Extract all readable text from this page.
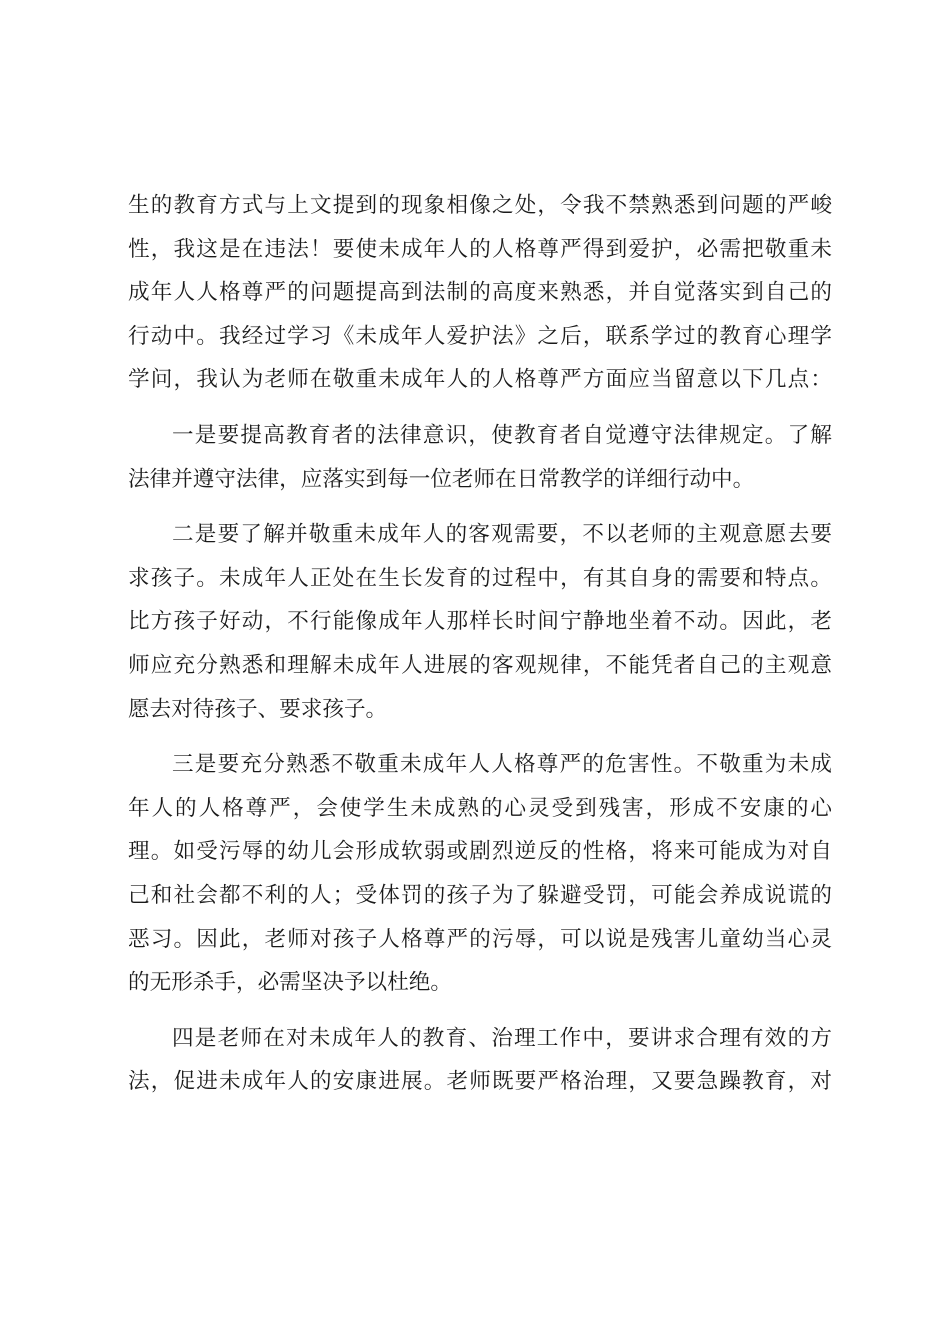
生的教育方式与上文提到的现象相像之处，令我不禁熟悉到问题的严峻
性，我这是在违法！要使未成年人的人格尊严得到爱护，必需把敬重未
成年人人格尊严的问题提高到法制的高度来熟悉，并自觉落实到自己的
行动中。我经过学习《未成年人爱护法》之后，联系学过的教育心理学
学问，我认为老师在敬重未成年人的人格尊严方面应当留意以下几点：
一是要提高教育者的法律意识，使教育者自觉遵守法律规定。了解
法律并遵守法律，应落实到每一位老师在日常教学的详细行动中。
二是要了解并敬重未成年人的客观需要，不以老师的主观意愿去要
求孩子。未成年人正处在生长发育的过程中，有其自身的需要和特点。
比方孩子好动，不行能像成年人那样长时间宁静地坐着不动。因此，老
师应充分熟悉和理解未成年人进展的客观规律，不能凭者自己的主观意
愿去对待孩子、要求孩子。
三是要充分熟悉不敬重未成年人人格尊严的危害性。不敬重为未成
年人的人格尊严，会使学生未成熟的心灵受到残害，形成不安康的心
理。如受污辱的幼儿会形成软弱或剧烈逆反的性格，将来可能成为对自
己和社会都不利的人；受体罚的孩子为了躲避受罚，可能会养成说谎的
恶习。因此，老师对孩子人格尊严的污辱，可以说是残害儿童幼当心灵
的无形杀手，必需坚决予以杜绝。
四是老师在对未成年人的教育、治理工作中，要讲求合理有效的方
法，促进未成年人的安康进展。老师既要严格治理，又要急躁教育，对
